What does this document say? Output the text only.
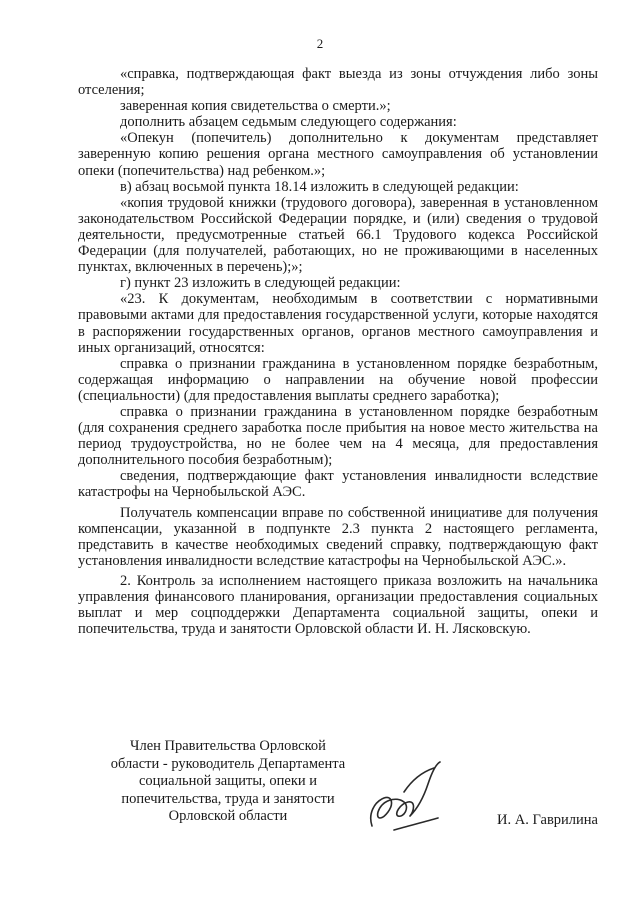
2

«справка, подтверждающая факт выезда из зоны отчуждения либо зоны отселения;

заверенная копия свидетельства о смерти.»;

дополнить абзацем седьмым следующего содержания:

«Опекун (попечитель) дополнительно к документам представляет заверенную копию решения органа местного самоуправления об установлении опеки (попечительства) над ребенком.»;

в) абзац восьмой пункта 18.14 изложить в следующей редакции:

«копия трудовой книжки (трудового договора), заверенная в установленном законодательством Российской Федерации порядке, и (или) сведения о трудовой деятельности, предусмотренные статьей 66.1 Трудового кодекса Российской Федерации (для получателей, работающих, но не проживающими в населенных пунктах, включенных в перечень);»;

г) пункт 23 изложить в следующей редакции:

«23. К документам, необходимым в соответствии с нормативными правовыми актами для предоставления государственной услуги, которые находятся в распоряжении государственных органов, органов местного самоуправления и иных организаций, относятся:

справка о признании гражданина в установленном порядке безработным, содержащая информацию о направлении на обучение новой профессии (специальности) (для предоставления выплаты среднего заработка);

справка о признании гражданина в установленном порядке безработным (для сохранения среднего заработка после прибытия на новое место жительства на период трудоустройства, но не более чем на 4 месяца, для предоставления дополнительного пособия безработным);

сведения, подтверждающие факт установления инвалидности вследствие катастрофы на Чернобыльской АЭС.

Получатель компенсации вправе по собственной инициативе для получения компенсации, указанной в подпункте 2.3 пункта 2 настоящего регламента, представить в качестве необходимых сведений справку, подтверждающую факт установления инвалидности вследствие катастрофы на Чернобыльской АЭС.».

2. Контроль за исполнением настоящего приказа возложить на начальника управления финансового планирования, организации предоставления социальных выплат и мер соцподдержки Департамента социальной защиты, опеки и попечительства, труда и занятости Орловской области И. Н. Лясковскую.

Член Правительства Орловской
области - руководитель Департамента
социальной защиты, опеки и
попечительства, труда и занятости
Орловской области	И. А. Гаврилина
